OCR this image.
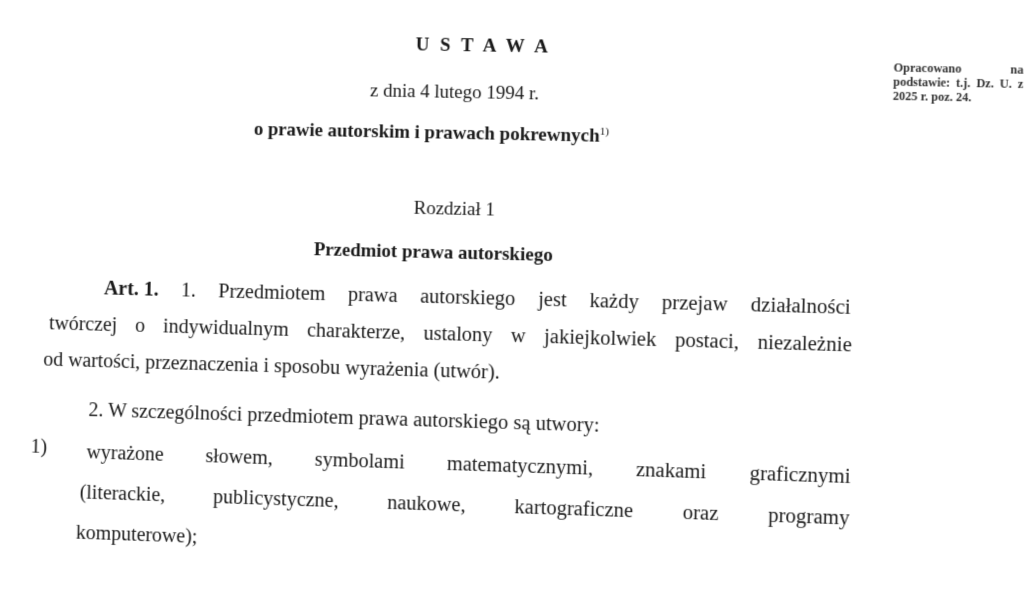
U S T A W A
z dnia 4 lutego 1994 r.
o prawie autorskim i prawach pokrewnych$^{1)}$
Rozdział 1
Przedmiot prawa autorskiego
Opracowano na podstawie: t.j. Dz. U. z 2025 r. poz. 24.
Art. 1. 1. Przedmiotem prawa autorskiego jest każdy przejaw działalności
twórczej o indywidualnym charakterze, ustalony w jakiejkolwiek postaci, niezależnie
od wartości, przeznaczenia i sposobu wyrażenia (utwór).
2. W szczególności przedmiotem prawa autorskiego są utwory:
1) wyrażone słowem, symbolami matematycznymi, znakami graficznymi
(literackie, publicystyczne, naukowe, kartograficzne oraz programy
komputerowe);
